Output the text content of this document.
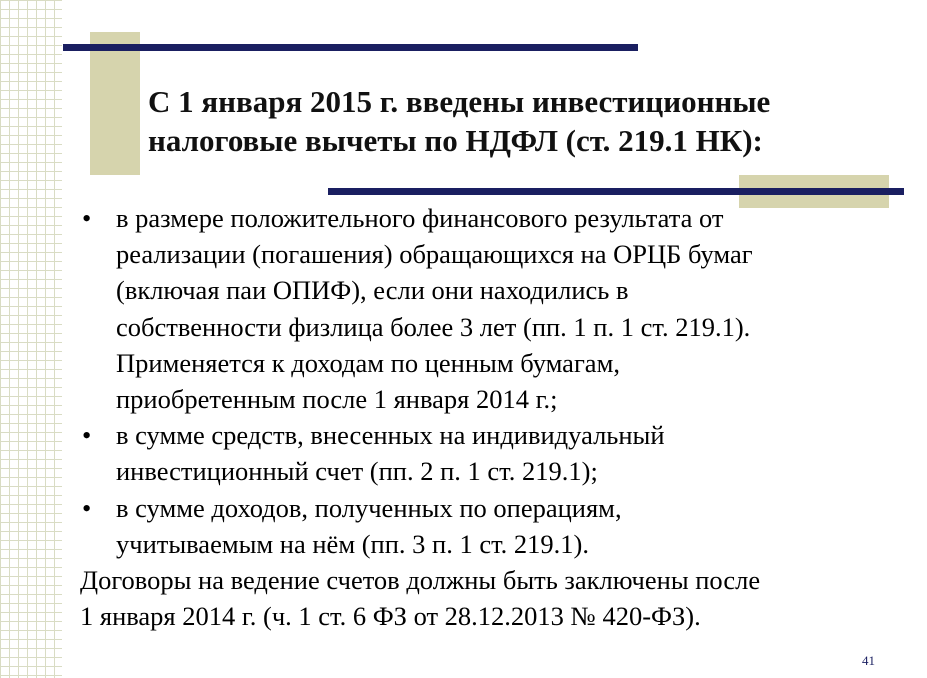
С 1 января 2015 г. введены инвестиционные
налоговые вычеты по НДФЛ (ст. 219.1 НК):
• в размере положительного финансового результата от
реализации (погашения) обращающихся на ОРЦБ бумаг
(включая паи ОПИФ), если они находились в
собственности физлица более 3 лет (пп. 1 п. 1 ст. 219.1).
Применяется к доходам по ценным бумагам,
приобретенным после 1 января 2014 г.;
• в сумме средств, внесенных на индивидуальный
инвестиционный счет (пп. 2 п. 1 ст. 219.1);
• в сумме доходов, полученных по операциям,
учитываемым на нём (пп. 3 п. 1 ст. 219.1).
Договоры на ведение счетов должны быть заключены после
1 января 2014 г. (ч. 1 ст. 6 ФЗ от 28.12.2013 № 420-ФЗ).
41
